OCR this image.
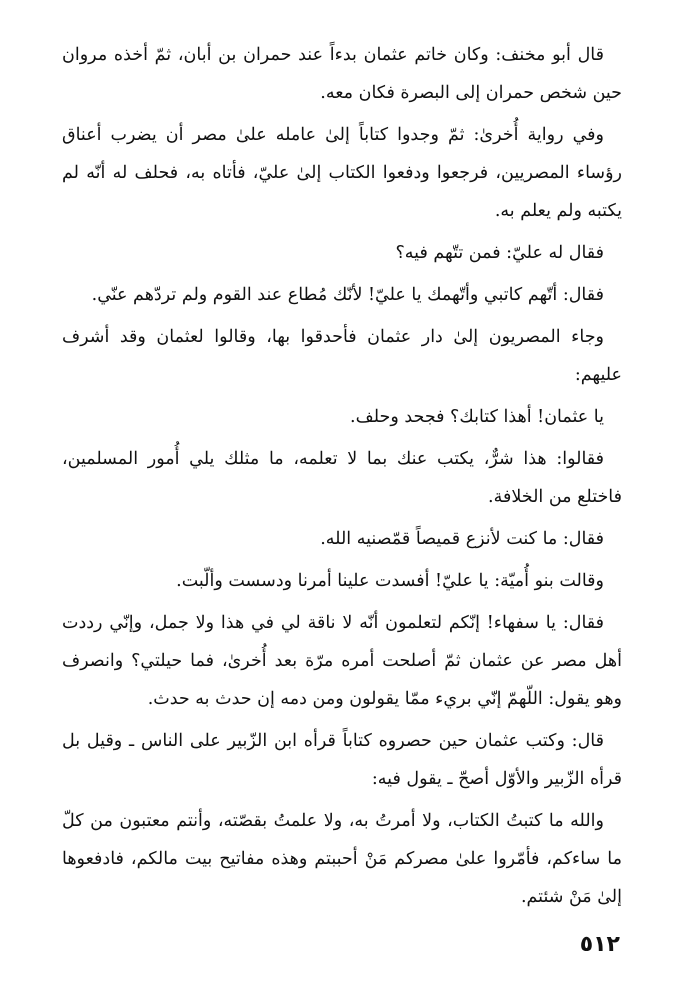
قال أبو مخنف: وكان خاتم عثمان بدءاً عند حمران بن أبان، ثمّ أخذه مروان حين شخص حمران إلى البصرة فكان معه.

وفي رواية أُخرىٰ: ثمّ وجدوا كتاباً إلىٰ عامله علىٰ مصر أن يضرب أعناق رؤساء المصريين، فرجعوا ودفعوا الكتاب إلىٰ عليّ، فأتاه به، فحلف له أنّه لم يكتبه ولم يعلم به.

فقال له عليّ: فمن تتّهم فيه؟

فقال: أتّهم كاتبي وأتّهمك يا عليّ! لأنّك مُطاع عند القوم ولم تردّهم عنّي.

وجاء المصريون إلىٰ دار عثمان فأحدقوا بها، وقالوا لعثمان وقد أشرف عليهم:

يا عثمان! أهذا كتابك؟ فجحد وحلف.

فقالوا: هذا شرٌّ، يكتب عنك بما لا تعلمه، ما مثلك يلي أُمور المسلمين، فاختلع من الخلافة.

فقال: ما كنت لأنزع قميصاً قمّصنيه الله.

وقالت بنو أُميّة: يا عليّ! أفسدت علينا أمرنا ودسست وألّبت.

فقال: يا سفهاء! إنّكم لتعلمون أنّه لا ناقة لي في هذا ولا جمل، وإنّي رددت أهل مصر عن عثمان ثمّ أصلحت أمره مرّة بعد أُخرىٰ، فما حيلتي؟ وانصرف وهو يقول: اللّهمّ إنّي بريء ممّا يقولون ومن دمه إن حدث به حدث.

قال: وكتب عثمان حين حصروه كتاباً قرأه ابن الزّبير على الناس ـ وقيل بل قرأه الزّبير والأوّل أصحّ ـ يقول فيه:

والله ما كتبتُ الكتاب، ولا أمرتُ به، ولا علمتُ بقصّته، وأنتم معتبون من كلّ ما ساءكم، فأمّروا علىٰ مصركم مَنْ أحببتم وهذه مفاتيح بيت مالكم، فادفعوها إلىٰ مَنْ شئتم.

٥١٢
